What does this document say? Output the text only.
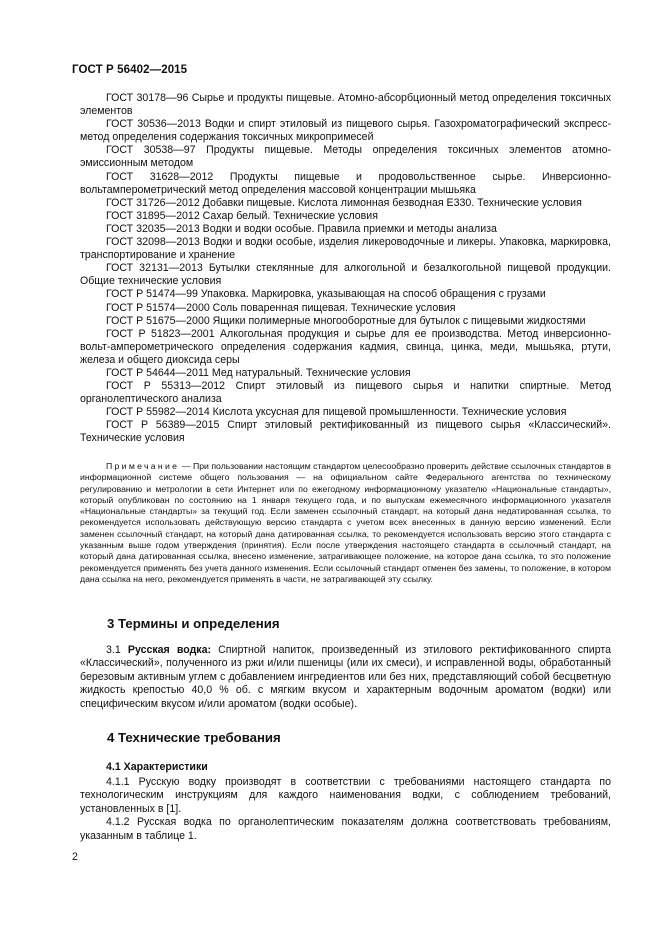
ГОСТ Р 56402—2015

ГОСТ 30178—96 Сырье и продукты пищевые. Атомно-абсорбционный метод определения токсичных элементов

ГОСТ 30536—2013 Водки и спирт этиловый из пищевого сырья. Газохроматографический экспресс-метод определения содержания токсичных микропримесей

ГОСТ 30538—97 Продукты пищевые. Методы определения токсичных элементов атомно-эмиссионным методом

ГОСТ 31628—2012 Продукты пищевые и продовольственное сырье. Инверсионно-вольтамперометрический метод определения массовой концентрации мышьяка

ГОСТ 31726—2012 Добавки пищевые. Кислота лимонная безводная Е330. Технические условия

ГОСТ 31895—2012 Сахар белый. Технические условия

ГОСТ 32035—2013 Водки и водки особые. Правила приемки и методы анализа

ГОСТ 32098—2013 Водки и водки особые, изделия ликероводочные и ликеры. Упаковка, маркировка, транспортирование и хранение

ГОСТ 32131—2013 Бутылки стеклянные для алкогольной и безалкогольной пищевой продукции. Общие технические условия

ГОСТ Р 51474—99 Упаковка. Маркировка, указывающая на способ обращения с грузами

ГОСТ Р 51574—2000 Соль поваренная пищевая. Технические условия

ГОСТ Р 51675—2000 Ящики полимерные многооборотные для бутылок с пищевыми жидкостями

ГОСТ Р 51823—2001 Алкогольная продукция и сырье для ее производства. Метод инверсионно-вольт-амперометрического определения содержания кадмия, свинца, цинка, меди, мышьяка, ртути, железа и общего диоксида серы

ГОСТ Р 54644—2011 Мед натуральный. Технические условия

ГОСТ Р 55313—2012 Спирт этиловый из пищевого сырья и напитки спиртные. Метод органолептического анализа

ГОСТ Р 55982—2014 Кислота уксусная для пищевой промышленности. Технические условия

ГОСТ Р 56389—2015 Спирт этиловый ректификованный из пищевого сырья «Классический». Технические условия

Примечание — При пользовании настоящим стандартом целесообразно проверить действие ссылочных стандартов в информационной системе общего пользования — на официальном сайте Федерального агентства по техническому регулированию и метрологии в сети Интернет или по ежегодному информационному указателю «Национальные стандарты», который опубликован по состоянию на 1 января текущего года, и по выпускам ежемесячного информационного указателя «Национальные стандарты» за текущий год. Если заменен ссылочный стандарт, на который дана недатированная ссылка, то рекомендуется использовать действующую версию стандарта с учетом всех внесенных в данную версию изменений. Если заменен ссылочный стандарт, на который дана датированная ссылка, то рекомендуется использовать версию этого стандарта с указанным выше годом утверждения (принятия). Если после утверждения настоящего стандарта в ссылочный стандарт, на который дана датированная ссылка, внесено изменение, затрагивающее положение, на которое дана ссылка, то это положение рекомендуется применять без учета данного изменения. Если ссылочный стандарт отменен без замены, то положение, в котором дана ссылка на него, рекомендуется применять в части, не затрагивающей эту ссылку.

3 Термины и определения

3.1 Русская водка: Спиртной напиток, произведенный из этилового ректификованного спирта «Классический», полученного из ржи и/или пшеницы (или их смеси), и исправленной воды, обработанный березовым активным углем с добавлением ингредиентов или без них, представляющий собой бесцветную жидкость крепостью 40,0 % об. с мягким вкусом и характерным водочным ароматом (водки) или специфическим вкусом и/или ароматом (водки особые).

4 Технические требования
4.1 Характеристики

4.1.1 Русскую водку производят в соответствии с требованиями настоящего стандарта по технологическим инструкциям для каждого наименования водки, с соблюдением требований, установленных в [1].

4.1.2 Русская водка по органолептическим показателям должна соответствовать требованиям, указанным в таблице 1.

2
